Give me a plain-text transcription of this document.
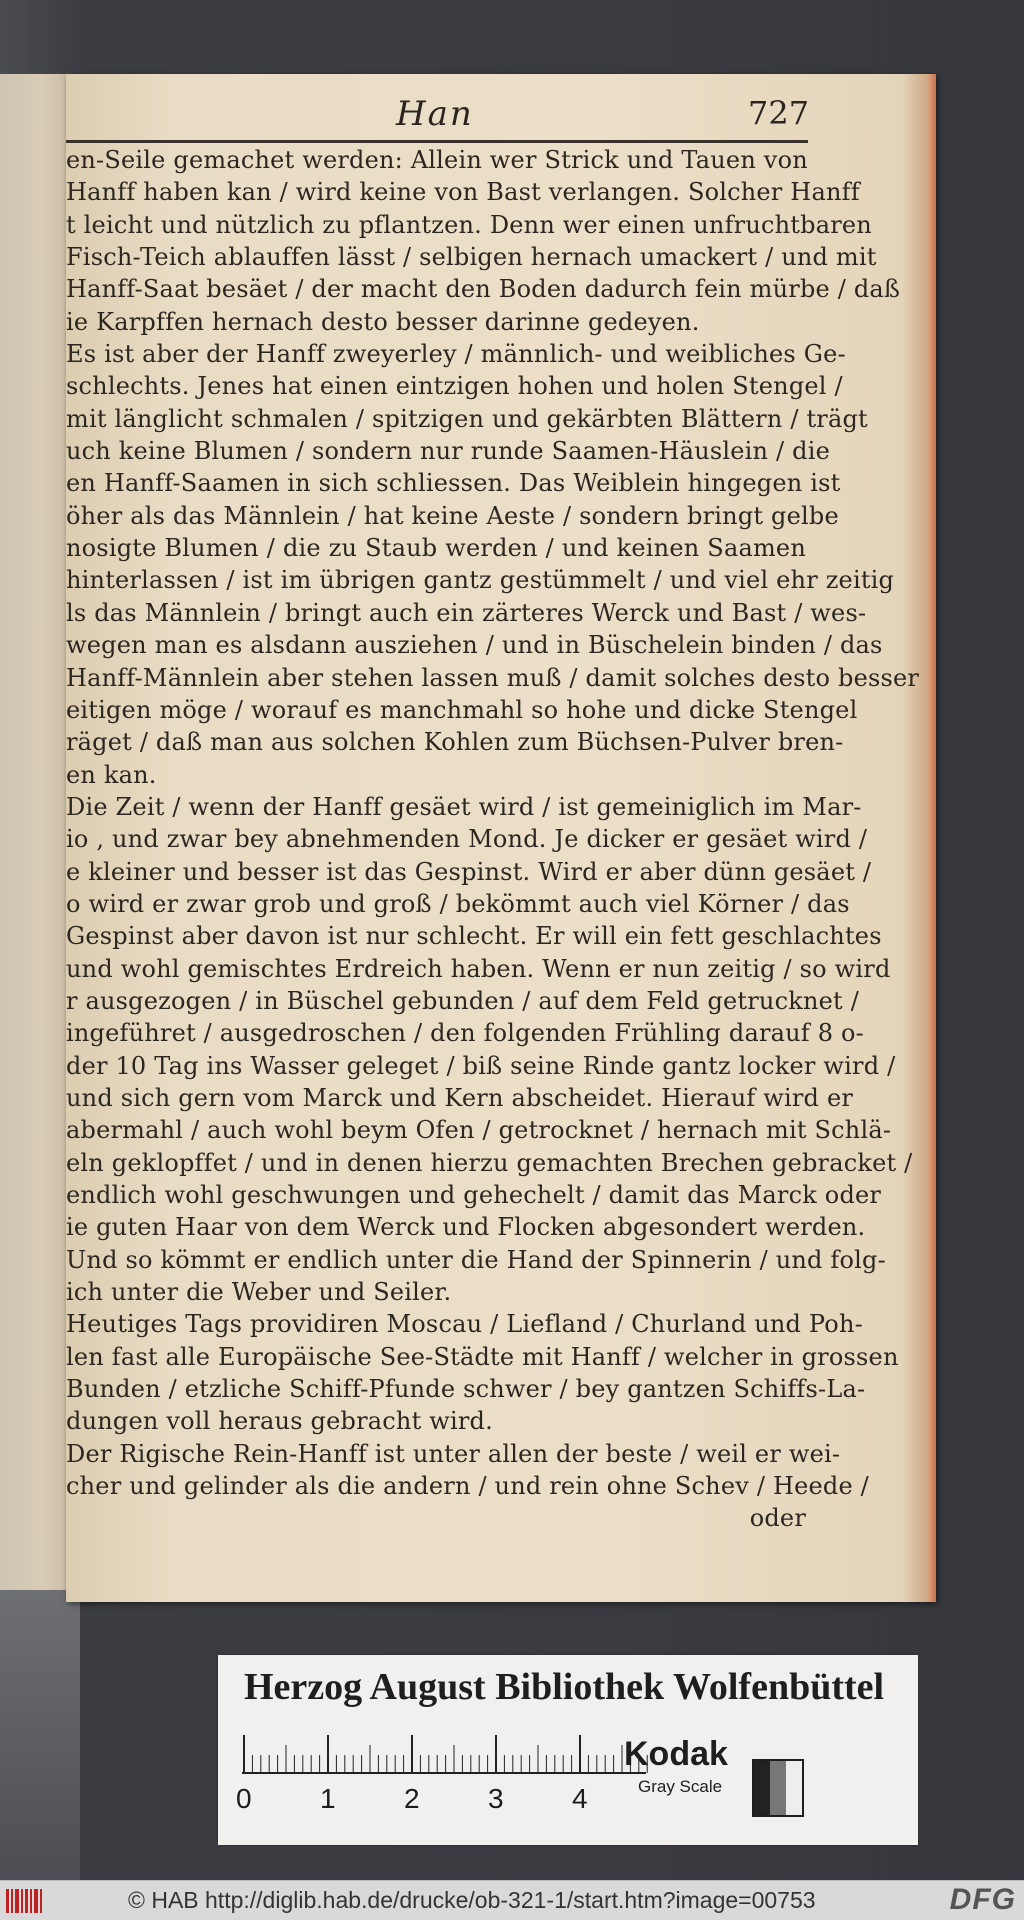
Han	727
en-Seile gemachet werden: Allein wer Strick und Tauen von
Hanff haben kan / wird keine von Bast verlangen. Solcher Hanff
t leicht und nützlich zu pflantzen. Denn wer einen unfruchtbaren
Fisch-Teich ablauffen lässt / selbigen hernach umackert / und mit
Hanff-Saat besäet / der macht den Boden dadurch fein mürbe / daß
ie Karpffen hernach desto besser darinne gedeyen.
Es ist aber der Hanff zweyerley / männlich- und weibliches Ge-
schlechts. Jenes hat einen eintzigen hohen und holen Stengel /
mit länglicht schmalen / spitzigen und gekärbten Blättern / trägt
uch keine Blumen / sondern nur runde Saamen-Häuslein / die
en Hanff-Saamen in sich schliessen. Das Weiblein hingegen ist
öher als das Männlein / hat keine Aeste / sondern bringt gelbe
nosigte Blumen / die zu Staub werden / und keinen Saamen
hinterlassen / ist im übrigen gantz gestümmelt / und viel ehr zeitig
ls das Männlein / bringt auch ein zärteres Werck und Bast / wes-
wegen man es alsdann ausziehen / und in Büschelein binden / das
Hanff-Männlein aber stehen lassen muß / damit solches desto besser
eitigen möge / worauf es manchmahl so hohe und dicke Stengel
räget / daß man aus solchen Kohlen zum Büchsen-Pulver bren-
en kan.
Die Zeit / wenn der Hanff gesäet wird / ist gemeiniglich im Mar-
io , und zwar bey abnehmenden Mond. Je dicker er gesäet wird /
e kleiner und besser ist das Gespinst. Wird er aber dünn gesäet /
o wird er zwar grob und groß / bekömmt auch viel Körner / das
Gespinst aber davon ist nur schlecht. Er will ein fett geschlachtes
und wohl gemischtes Erdreich haben. Wenn er nun zeitig / so wird
r ausgezogen / in Büschel gebunden / auf dem Feld getrucknet /
ingeführet / ausgedroschen / den folgenden Frühling darauf 8 o-
der 10 Tag ins Wasser geleget / biß seine Rinde gantz locker wird /
und sich gern vom Marck und Kern abscheidet. Hierauf wird er
abermahl / auch wohl beym Ofen / getrocknet / hernach mit Schlä-
eln geklopffet / und in denen hierzu gemachten Brechen gebracket /
endlich wohl geschwungen und gehechelt / damit das Marck oder
ie guten Haar von dem Werck und Flocken abgesondert werden.
Und so kömmt er endlich unter die Hand der Spinnerin / und folg-
ich unter die Weber und Seiler.
Heutiges Tags providiren Moscau / Liefland / Churland und Poh-
len fast alle Europäische See-Städte mit Hanff / welcher in grossen
Bunden / etzliche Schiff-Pfunde schwer / bey gantzen Schiffs-La-
dungen voll heraus gebracht wird.
Der Rigische Rein-Hanff ist unter allen der beste / weil er wei-
cher und gelinder als die andern / und rein ohne Schev / Heede /
oder
Herzog August Bibliothek Wolfenbüttel
0 1 2 3 4
Kodak
Gray Scale
© HAB http://diglib.hab.de/drucke/ob-321-1/start.htm?image=00753	DFG
